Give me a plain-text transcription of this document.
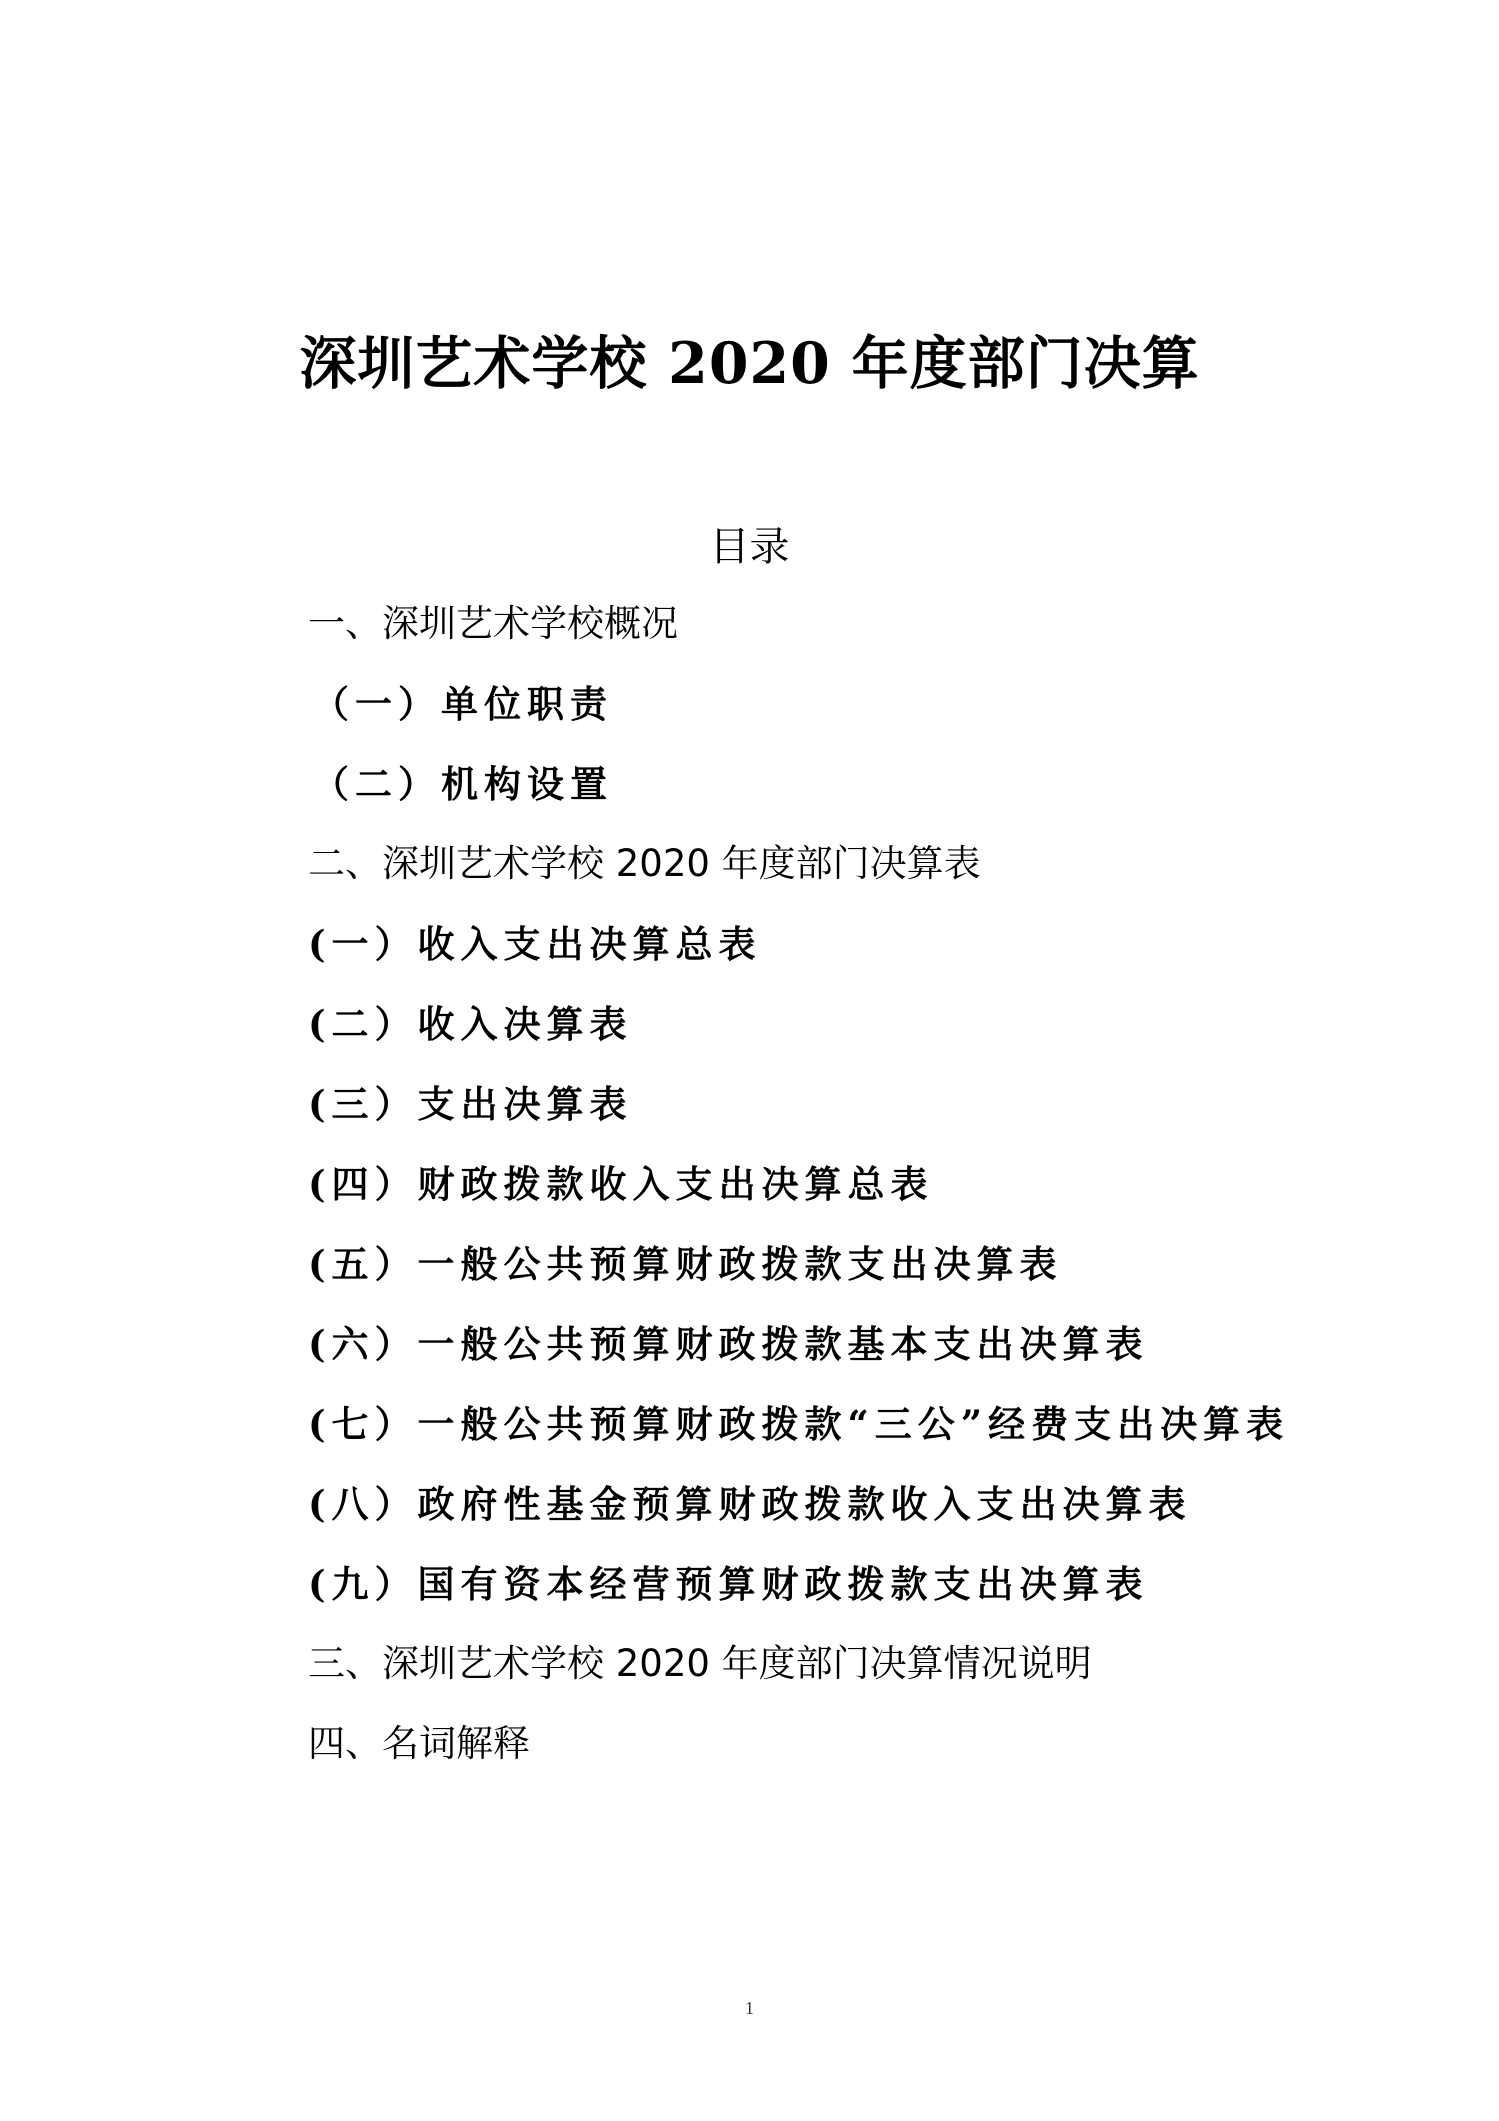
深圳艺术学校 2020 年度部门决算
目录
一、深圳艺术学校概况
（一）单位职责
（二）机构设置
二、深圳艺术学校 2020 年度部门决算表
(一）收入支出决算总表
(二）收入决算表
(三）支出决算表
(四）财政拨款收入支出决算总表
(五）一般公共预算财政拨款支出决算表
(六）一般公共预算财政拨款基本支出决算表
(七）一般公共预算财政拨款“三公”经费支出决算表
(八）政府性基金预算财政拨款收入支出决算表
(九）国有资本经营预算财政拨款支出决算表
三、深圳艺术学校 2020 年度部门决算情况说明
四、名词解释
1
